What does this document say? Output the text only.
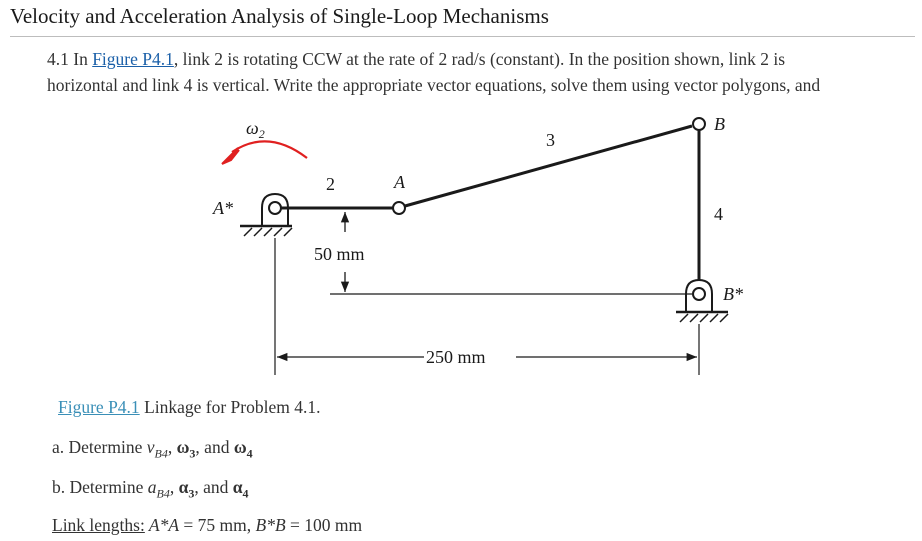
Velocity and Acceleration Analysis of Single-Loop Mechanisms

4.1 In Figure P4.1, link 2 is rotating CCW at the rate of 2 rad/s (constant). In the position shown, link 2 is

horizontal and link 4 is vertical. Write the appropriate vector equations, solve them using vector polygons, and

$\omega_2$
A*
2	A
3
B
4
B*
50 mm
250 mm
Figure P4.1 Linkage for Problem 4.1.
a. Determine $v_{B4}$, $\omega_3$, and $\omega_4$
b. Determine $a_{B4}$, $\alpha_3$, and $\alpha_4$
Link lengths: A*A = 75 mm, B*B = 100 mm
